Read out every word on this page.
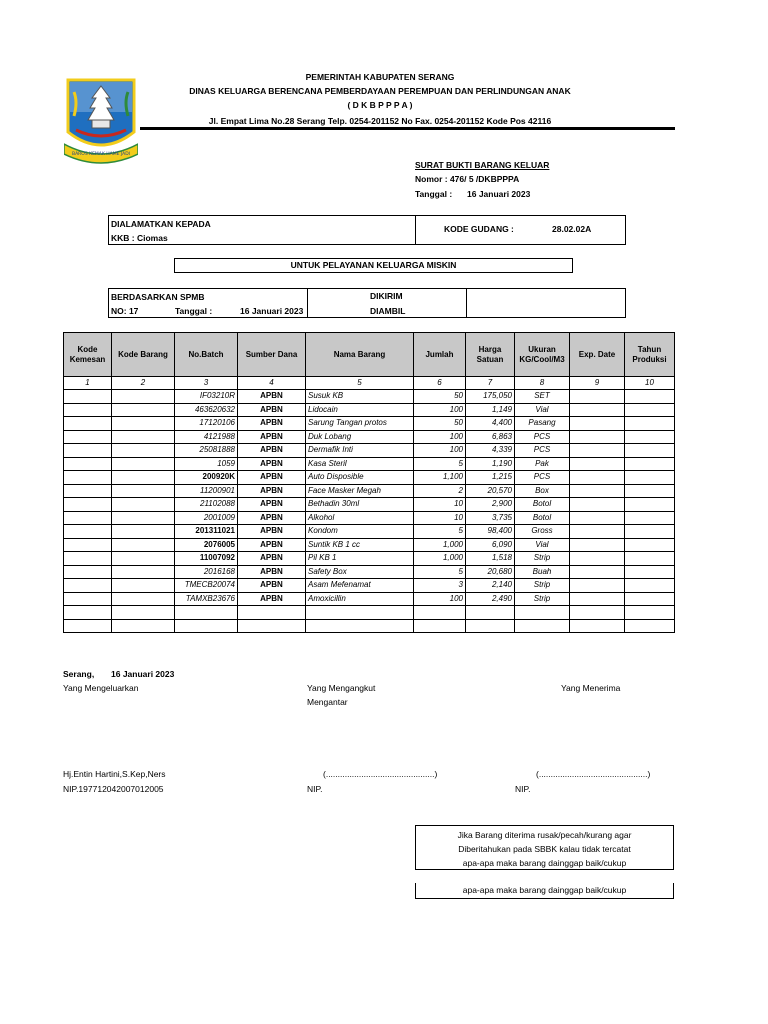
BAROS KEMAK HAME JADI
PEMERINTAH KABUPATEN SERANG
DINAS KELUARGA BERENCANA PEMBERDAYAAN PEREMPUAN DAN PERLINDUNGAN ANAK
( D K B P P P A )
Jl. Empat Lima No.28 Serang Telp. 0254-201152 No Fax. 0254-201152 Kode Pos 42116
SURAT BUKTI BARANG KELUAR
Nomor : 476/ 5 /DKBPPPA
Tanggal : 16 Januari 2023
DIALAMATKAN KEPADA
KKB : Ciomas
KODE GUDANG :	28.02.02A
UNTUK PELAYANAN KELUARGA MISKIN
BERDASARKAN SPMB
NO: 17	Tanggal :	16 Januari 2023
DIKIRIM
DIAMBIL
Kode Kemesan	Kode Barang	No.Batch	Sumber Dana	Nama Barang	Jumlah	Harga Satuan	Ukuran KG/Cool/M3	Exp. Date	Tahun Produksi
1	2	3	4	5	6	7	8	9	10
		IF03210R	APBN	Susuk KB	50	175,050	SET		
		463620632	APBN	Lidocain	100	1,149	Vial		
		17120106	APBN	Sarung Tangan protos	50	4,400	Pasang		
		4121988	APBN	Duk Lobang	100	6,863	PCS		
		25081888	APBN	Dermafik Inti	100	4,339	PCS		
		1059	APBN	Kasa Steril	5	1,190	Pak		
		200920K	APBN	Auto Disposible	1,100	1,215	PCS		
		11200901	APBN	Face Masker Megah	2	20,570	Box		
		21102088	APBN	Bethadin 30ml	10	2,900	Botol		
		2001009	APBN	Alkohol	10	3,735	Botol		
		201311021	APBN	Kondom	5	98,400	Gross		
		2076005	APBN	Suntik KB 1 cc	1,000	6,090	Vial		
		11007092	APBN	Pil KB 1	1,000	1,518	Strip		
		2016168	APBN	Safety Box	5	20,680	Buah		
		TMECB20074	APBN	Asam Mefenamat	3	2,140	Strip		
		TAMXB23676	APBN	Amoxicillin	100	2,490	Strip		

Serang, 16 Januari 2023
Yang Mengeluarkan	Yang Mengangkut
Mengantar
Yang Menerima
Hj.Entin Hartini,S.Kep,Ners
NIP.197712042007012005
(..............................................)
NIP.
(..............................................)
NIP.
Jika Barang diterima rusak/pecah/kurang agar
Diberitahukan pada SBBK kalau tidak tercatat
apa-apa maka barang dainggap baik/cukup
apa-apa maka barang dainggap baik/cukup
